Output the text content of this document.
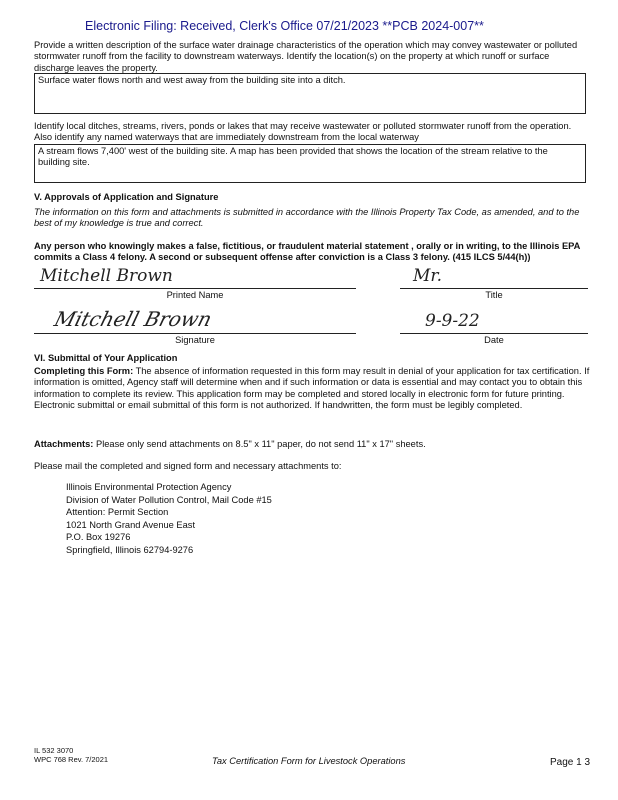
Electronic Filing: Received, Clerk's Office 07/21/2023 **PCB 2024-007**
Provide a written description of the surface water drainage characteristics of the operation which may convey wastewater or polluted stormwater runoff from the facility to downstream waterways. Identify the location(s) on the property at which runoff or surface discharge leaves the property.
Surface water flows north and west away from the building site into a ditch.
Identify local ditches, streams, rivers, ponds or lakes that may receive wastewater or polluted stormwater runoff from the operation. Also identify any named waterways that are immediately downstream from the local waterway
A stream flows 7,400' west of the building site. A map has been provided that shows the location of the stream relative to the building site.
V. Approvals of Application and Signature
The information on this form and attachments is submitted in accordance with the Illinois Property Tax Code, as amended, and to the best of my knowledge is true and correct.
Any person who knowingly makes a false, fictitious, or fraudulent material statement , orally or in writing, to the Illinois EPA commits a Class 4 felony. A second or subsequent offense after conviction is a Class 3 felony. (415 ILCS 5/44(h))
Mitchell Brown
Printed Name
Mr.
Title
Mitchell Brown
Signature
9-9-22
Date
VI. Submittal of Your Application
Completing this Form: The absence of information requested in this form may result in denial of your application for tax certification. If information is omitted, Agency staff will determine when and if such information or data is essential and may contact you to obtain this information to complete its review. This application form may be completed and stored locally in electronic form for future printing. Electronic submittal or email submittal of this form is not authorized. If handwritten, the form must be legibly completed.
Attachments: Please only send attachments on 8.5" x 11" paper, do not send 11" x 17" sheets.
Please mail the completed and signed form and necessary attachments to:
Illinois Environmental Protection Agency
Division of Water Pollution Control, Mail Code #15
Attention: Permit Section
1021 North Grand Avenue East
P.O. Box 19276
Springfield, Illinois 62794-9276
IL 532 3070
WPC 768 Rev. 7/2021	Tax Certification Form for Livestock Operations	Page 1 3
